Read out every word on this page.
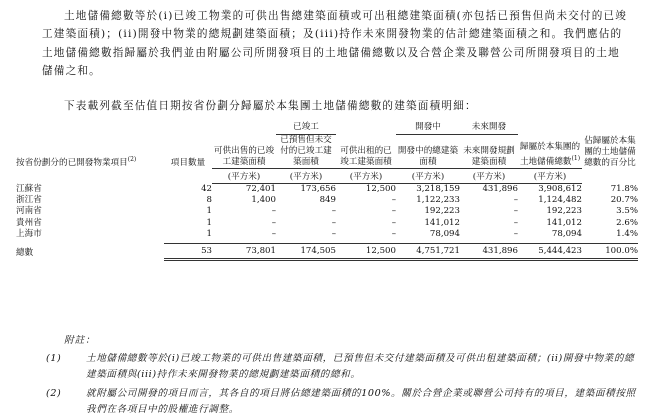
土地儲備總數等於(i)已竣工物業的可供出售總建築面積或可出租總建築面積(亦包括已預售但尚未交付的已竣工建築面積)；(ii)開發中物業的總規劃建築面積；及(iii)持作未來開發物業的估計總建築面積之和。我們應佔的土地儲備總數指歸屬於我們並由附屬公司所開發項目的土地儲備總數以及合營企業及聯營公司所開發項目的土地儲備之和。

下表載列截至估值日期按省份劃分歸屬於本集團土地儲備總數的建築面積明細：

			已竣工		開發中	未來開發		
按省份劃分的已開發物業項目$^{(2)}$	項目數量	可供出售的已竣工建築面積	已預售但未交付的已竣工建築面積	可供出租的已竣工建築面積	開發中的總建築面積	未來開發規劃建築面積	歸屬於本集團的土地儲備總數$^{(1)}$	佔歸屬於本集團的土地儲備總數的百分比
		(平方米)	(平方米)	(平方米)	(平方米)	(平方米)	(平方米)	
江蘇省	42	72,401	173,656	12,500	3,218,159	431,896	3,908,612	71.8%
浙江省	8	1,400	849	–	1,122,233	–	1,124,482	20.7%
河南省	1	–	–	–	192,223	–	192,223	3.5%
貴州省	1	–	–	–	141,012	–	141,012	2.6%
上海市	1	–	–	–	78,094	–	78,094	1.4%

總數	53	73,801	174,505	12,500	4,751,721	431,896	5,444,423	100.0%
附註：
(1)	土地儲備總數等於(i)已竣工物業的可供出售建築面積，已預售但未交付建築面積及可供出租建築面積；(ii)開發中物業的總建築面積與(iii)持作未來開發物業的總規劃建築面積的總和。
(2)	就附屬公司開發的項目而言，其各自的項目將佔總建築面積的100%。關於合營企業或聯營公司持有的項目，建築面積按照我們在各項目中的股權進行調整。
